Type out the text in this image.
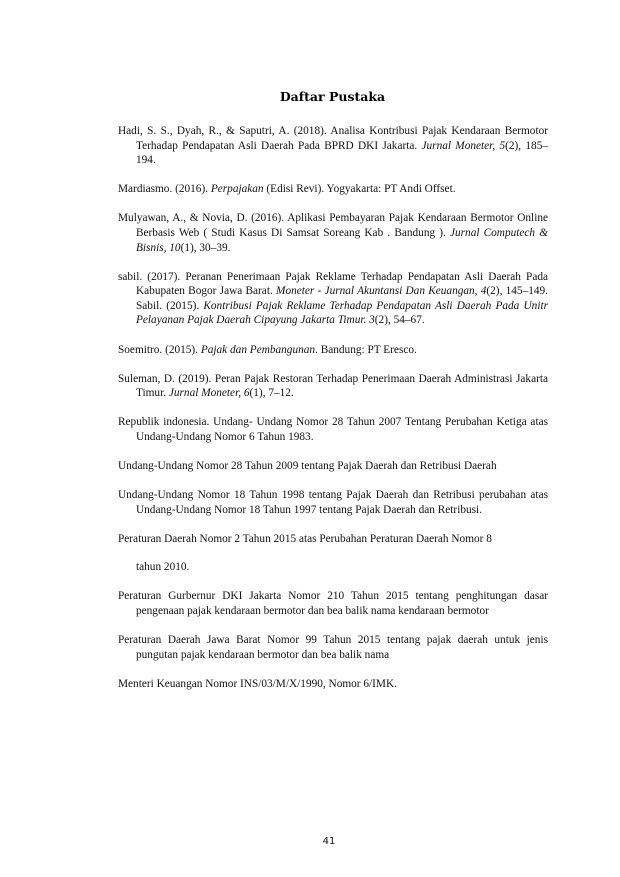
Daftar Pustaka

Hadi, S. S., Dyah, R., & Saputri, A. (2018). Analisa Kontribusi Pajak Kendaraan Bermotor Terhadap Pendapatan Asli Daerah Pada BPRD DKI Jakarta. Jurnal Moneter, 5(2), 185–194.

Mardiasmo. (2016). Perpajakan (Edisi Revi). Yogyakarta: PT Andi Offset.

Mulyawan, A., & Novia, D. (2016). Aplikasi Pembayaran Pajak Kendaraan Bermotor Online Berbasis Web ( Studi Kasus Di Samsat Soreang Kab . Bandung ). Jurnal Computech & Bisnis, 10(1), 30–39.

sabil. (2017). Peranan Penerimaan Pajak Reklame Terhadap Pendapatan Asli Daerah Pada Kabupaten Bogor Jawa Barat. Moneter - Jurnal Akuntansi Dan Keuangan, 4(2), 145–149. Sabil. (2015). Kontribusi Pajak Reklame Terhadap Pendapatan Asli Daerah Pada Unitr Pelayanan Pajak Daerah Cipayung Jakarta Timur. 3(2), 54–67.

Soemitro. (2015). Pajak dan Pembangunan. Bandung: PT Eresco.

Suleman, D. (2019). Peran Pajak Restoran Terhadap Penerimaan Daerah Administrasi Jakarta Timur. Jurnal Moneter, 6(1), 7–12.

Republik indonesia. Undang- Undang Nomor 28 Tahun 2007 Tentang Perubahan Ketiga atas Undang-Undang Nomor 6 Tahun 1983.

Undang-Undang Nomor 28 Tahun 2009 tentang Pajak Daerah dan Retribusi Daerah

Undang-Undang Nomor 18 Tahun 1998 tentang Pajak Daerah dan Retribusi perubahan atas Undang-Undang Nomor 18 Tahun 1997 tentang Pajak Daerah dan Retribusi.

Peraturan Daerah Nomor 2 Tahun 2015 atas Perubahan Peraturan Daerah Nomor 8

tahun 2010.

Peraturan Gurbernur DKI Jakarta Nomor 210 Tahun 2015 tentang penghitungan dasar pengenaan pajak kendaraan bermotor dan bea balik nama kendaraan bermotor

Peraturan Daerah Jawa Barat Nomor 99 Tahun 2015 tentang pajak daerah untuk jenis pungutan pajak kendaraan bermotor dan bea balik nama

Menteri Keuangan Nomor INS/03/M/X/1990, Nomor 6/IMK.

41
